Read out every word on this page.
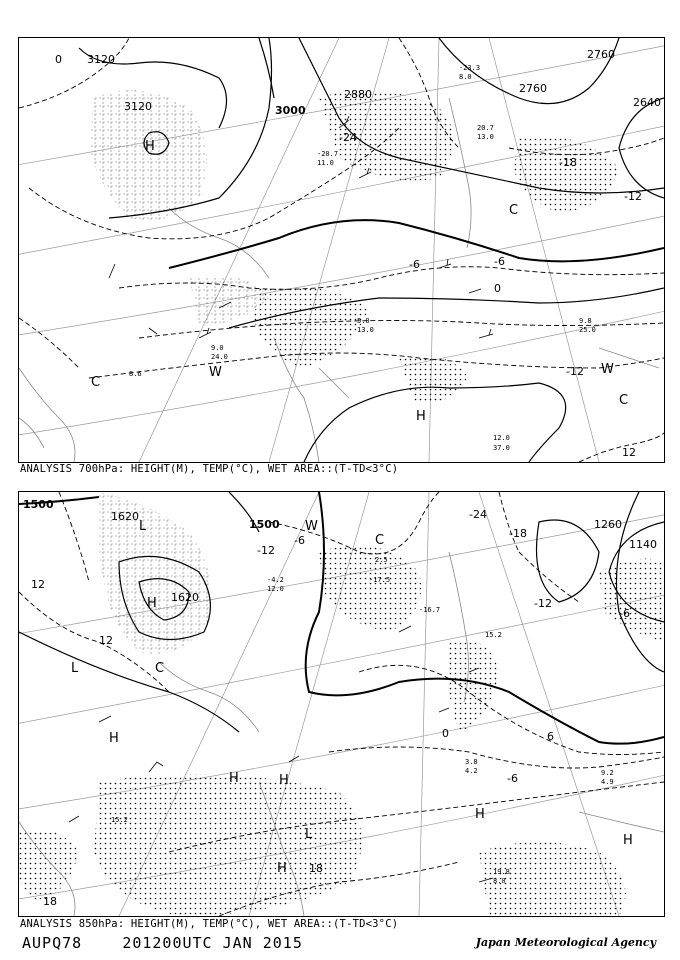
3120
3120	3000
2880
2760
2760
2640
0
-24
-18
-12
-6
0
-12
12
-6
H
H
C
C
W	W
C
12.0
37.0
9.8
25.0
5.0
13.0
8.6
9.0
24.0
-20.7
11.0
-23.3
8.0
20.7
13.0
ANALYSIS 700hPa: HEIGHT(M), TEMP(°C), WET AREA::(T-TD<3°C)
1500
1620
1500
1620
1260
1140
12
12
-12
-6
-24
-18
-12
-6
0	6
18
18
-6
L
H
L
H
H	H
L
H
H
H
W
C
C
19.8
8.0
9.2
4.9
3.8
4.2
-17.5
15.2
-4.2
12.0
-16.7
2.5
15.2
ANALYSIS 850hPa: HEIGHT(M), TEMP(°C), WET AREA::(T-TD<3°C)
AUPQ78	201200UTC JAN 2015	Japan Meteorological Agency
